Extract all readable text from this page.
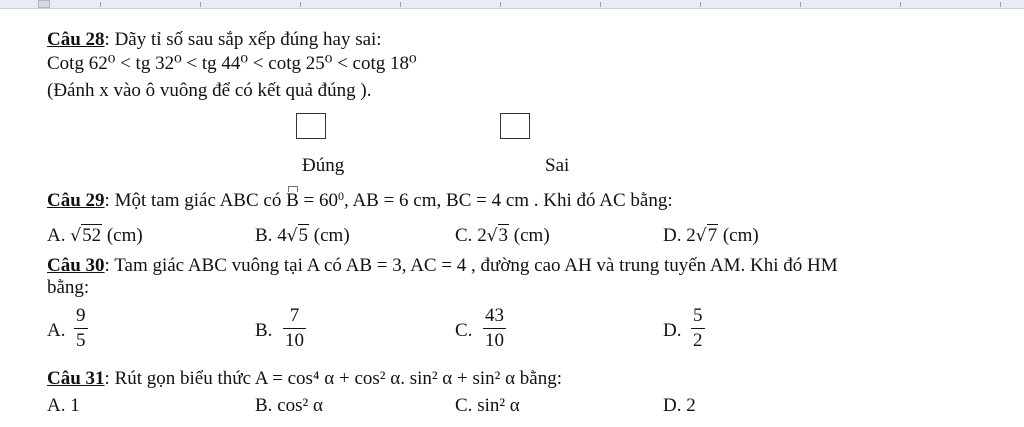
Câu 28: Dãy tỉ số sau sắp xếp đúng hay sai:
Cotg 62⁰ < tg 32⁰ < tg 44⁰ < cotg 25⁰ < cotg 18⁰
(Đánh x vào ô vuông để có kết quả đúng ).
Đúng	Sai
Câu 29: Một tam giác ABC có $B = 60^0$, AB = 6 cm, BC = 4 cm . Khi đó AC bằng:
A. √52 (cm)	B. 4√5 (cm)	C. 2√3 (cm)	D. 2√7 (cm)
Câu 30: Tam giác ABC vuông tại A có AB = 3, AC = 4 , đường cao AH và trung tuyến AM. Khi đó HM
bằng:
A.
9
5	B.
7
10	C.
43
10	D.
5
2
Câu 31: Rút gọn biểu thức A = cos⁴ α + cos² α. sin² α + sin² α bằng:
A. 1	B. cos² α	C. sin² α	D. 2
